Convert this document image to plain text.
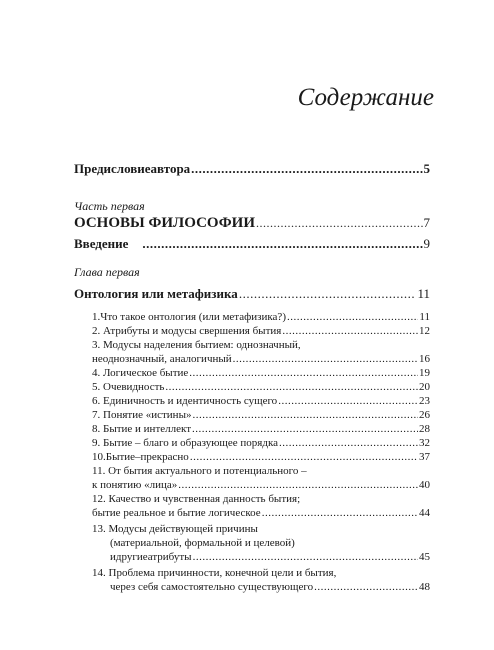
Содержание
Предисловиеавтора .....	5
Часть первая
ОСНОВЫ ФИЛОСОФИИ .....	7
Введение .....	9
Глава первая
Онтология или метафизика .....	11
1.Что такое онтология (или метафизика?) .....	11
2. Атрибуты и модусы свершения бытия .....	12
3. Модусы наделения бытием: однозначный,
неоднозначный, аналогичный .....	16
4. Логическое бытие .....	19
5. Очевидность .....	20
6. Единичность и идентичность сущего .....	23
7. Понятие «истины» .....	26
8. Бытие и интеллект .....	28
9. Бытие – благо и образующее порядка .....	32
10.Бытие–прекрасно .....	37
11. От бытия актуального и потенциального –
к понятию «лица» .....	40
12. Качество и чувственная данность бытия;
бытие реальное и бытие логическое .....	44
13. Модусы действующей причины
(материальной, формальной и целевой)
идругиеатрибуты .....	45
14. Проблема причинности, конечной цели и бытия,
через себя самостоятельно существующего .....	48
